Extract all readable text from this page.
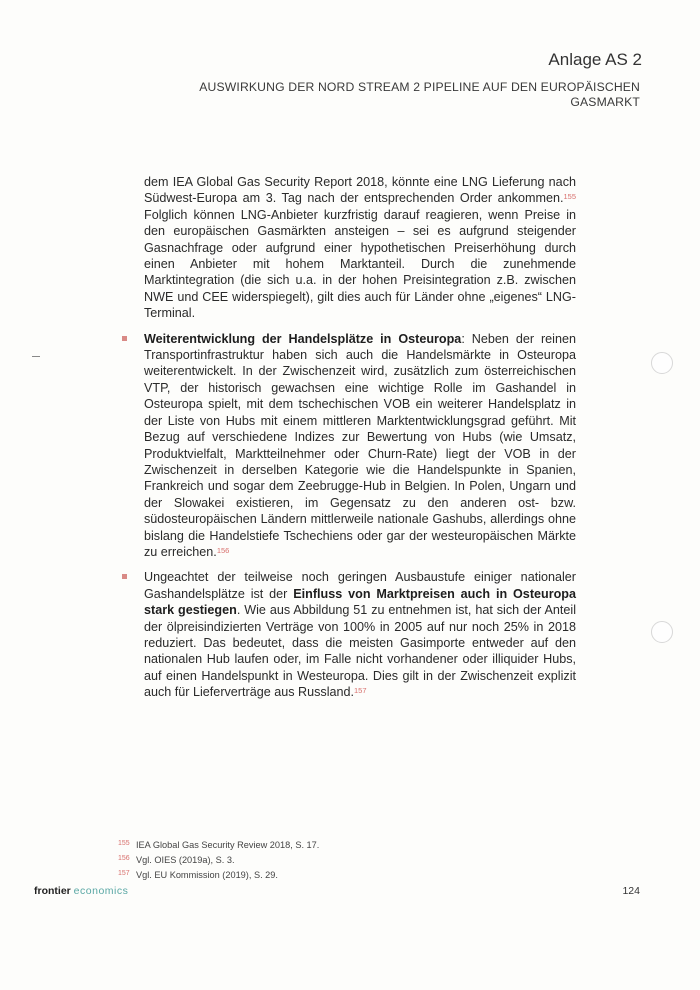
Anlage AS 2
AUSWIRKUNG DER NORD STREAM 2 PIPELINE AUF DEN EUROPÄISCHEN GASMARKT

dem IEA Global Gas Security Report 2018, könnte eine LNG Lieferung nach Südwest-Europa am 3. Tag nach der entsprechenden Order ankommen.$^{155}$ Folglich können LNG-Anbieter kurzfristig darauf reagieren, wenn Preise in den europäischen Gasmärkten ansteigen – sei es aufgrund steigender Gasnachfrage oder aufgrund einer hypothetischen Preiserhöhung durch einen Anbieter mit hohem Marktanteil. Durch die zunehmende Marktintegration (die sich u.a. in der hohen Preisintegration z.B. zwischen NWE und CEE widerspiegelt), gilt dies auch für Länder ohne „eigenes“ LNG-Terminal.

Weiterentwicklung der Handelsplätze in Osteuropa: Neben der reinen Transportinfrastruktur haben sich auch die Handelsmärkte in Osteuropa weiterentwickelt. In der Zwischenzeit wird, zusätzlich zum österreichischen VTP, der historisch gewachsen eine wichtige Rolle im Gashandel in Osteuropa spielt, mit dem tschechischen VOB ein weiterer Handelsplatz in der Liste von Hubs mit einem mittleren Marktentwicklungsgrad geführt. Mit Bezug auf verschiedene Indizes zur Bewertung von Hubs (wie Umsatz, Produktvielfalt, Marktteilnehmer oder Churn-Rate) liegt der VOB in der Zwischenzeit in derselben Kategorie wie die Handelspunkte in Spanien, Frankreich und sogar dem Zeebrugge-Hub in Belgien. In Polen, Ungarn und der Slowakei existieren, im Gegensatz zu den anderen ost- bzw. südosteuropäischen Ländern mittlerweile nationale Gashubs, allerdings ohne bislang die Handelstiefe Tschechiens oder gar der westeuropäischen Märkte zu erreichen.$^{156}$

Ungeachtet der teilweise noch geringen Ausbaustufe einiger nationaler Gashandelsplätze ist der Einfluss von Marktpreisen auch in Osteuropa stark gestiegen. Wie aus Abbildung 51 zu entnehmen ist, hat sich der Anteil der ölpreisindizierten Verträge von 100% in 2005 auf nur noch 25% in 2018 reduziert. Das bedeutet, dass die meisten Gasimporte entweder auf den nationalen Hub laufen oder, im Falle nicht vorhandener oder illiquider Hubs, auf einen Handelspunkt in Westeuropa. Dies gilt in der Zwischenzeit explizit auch für Lieferverträge aus Russland.$^{157}$

155 IEA Global Gas Security Review 2018, S. 17.
156 Vgl. OIES (2019a), S. 3.
157 Vgl. EU Kommission (2019), S. 29.
frontier economics	124
